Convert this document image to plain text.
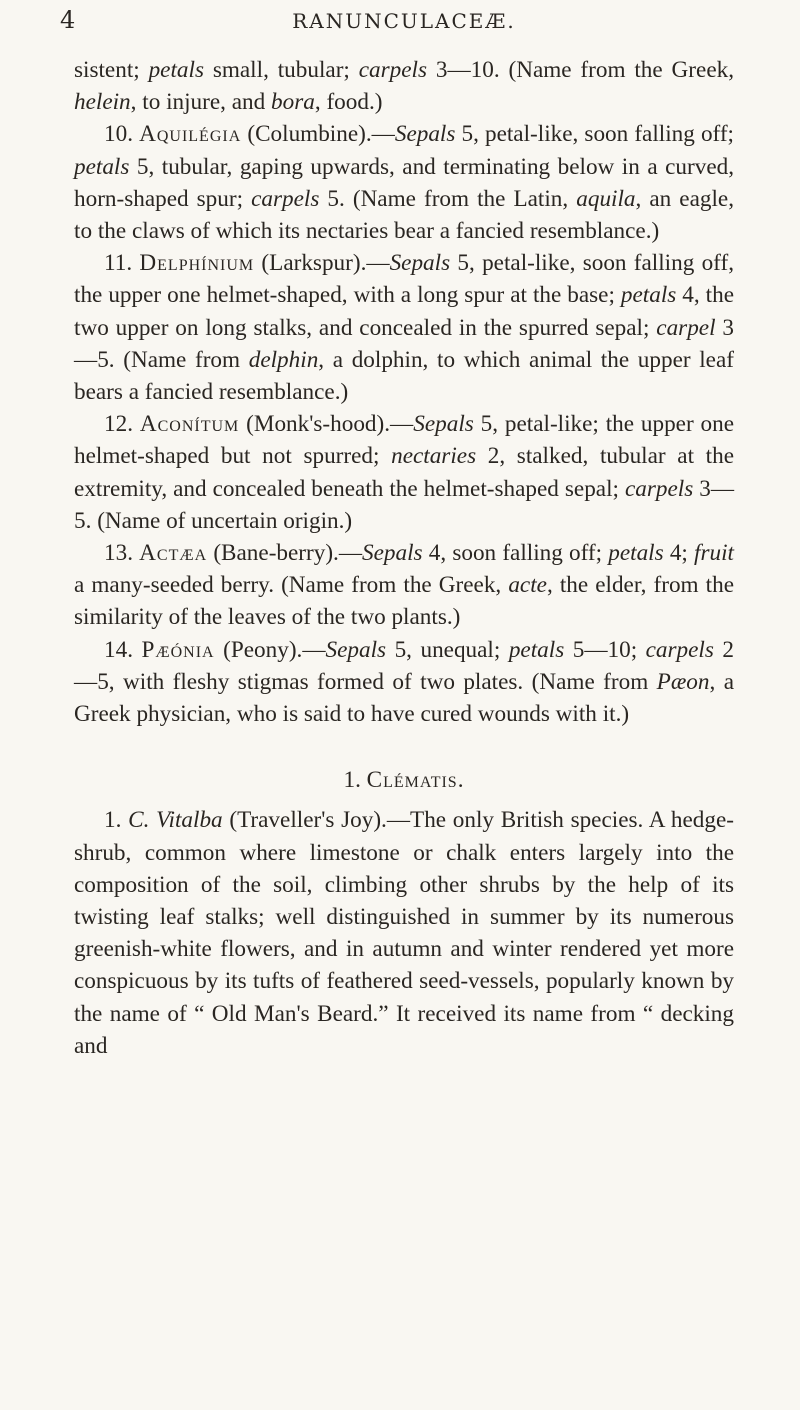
4	RANUNCULACEÆ.

sistent; petals small, tubular; carpels 3—10. (Name from the Greek, helein, to injure, and bora, food.)

10. Aquilégia (Columbine).—Sepals 5, petal-like, soon falling off; petals 5, tubular, gaping upwards, and terminating below in a curved, horn-shaped spur; carpels 5. (Name from the Latin, aquila, an eagle, to the claws of which its nectaries bear a fancied resemblance.)

11. Delphínium (Larkspur).—Sepals 5, petal-like, soon falling off, the upper one helmet-shaped, with a long spur at the base; petals 4, the two upper on long stalks, and concealed in the spurred sepal; carpel 3—5. (Name from delphin, a dolphin, to which animal the upper leaf bears a fancied resemblance.)

12. Aconítum (Monk's-hood).—Sepals 5, petal-like; the upper one helmet-shaped but not spurred; nectaries 2, stalked, tubular at the extremity, and concealed beneath the helmet-shaped sepal; carpels 3—5. (Name of uncertain origin.)

13. Actæa (Bane-berry).—Sepals 4, soon falling off; petals 4; fruit a many-seeded berry. (Name from the Greek, acte, the elder, from the similarity of the leaves of the two plants.)

14. Pæónia (Peony).—Sepals 5, unequal; petals 5—10; carpels 2—5, with fleshy stigmas formed of two plates. (Name from Pæon, a Greek physician, who is said to have cured wounds with it.)

1. Clématis.

1. C. Vitalba (Traveller's Joy).—The only British species. A hedge-shrub, common where limestone or chalk enters largely into the composition of the soil, climbing other shrubs by the help of its twisting leaf stalks; well distinguished in summer by its numerous greenish-white flowers, and in autumn and winter rendered yet more conspicuous by its tufts of feathered seed-vessels, popularly known by the name of “ Old Man's Beard.” It received its name from “ decking and
